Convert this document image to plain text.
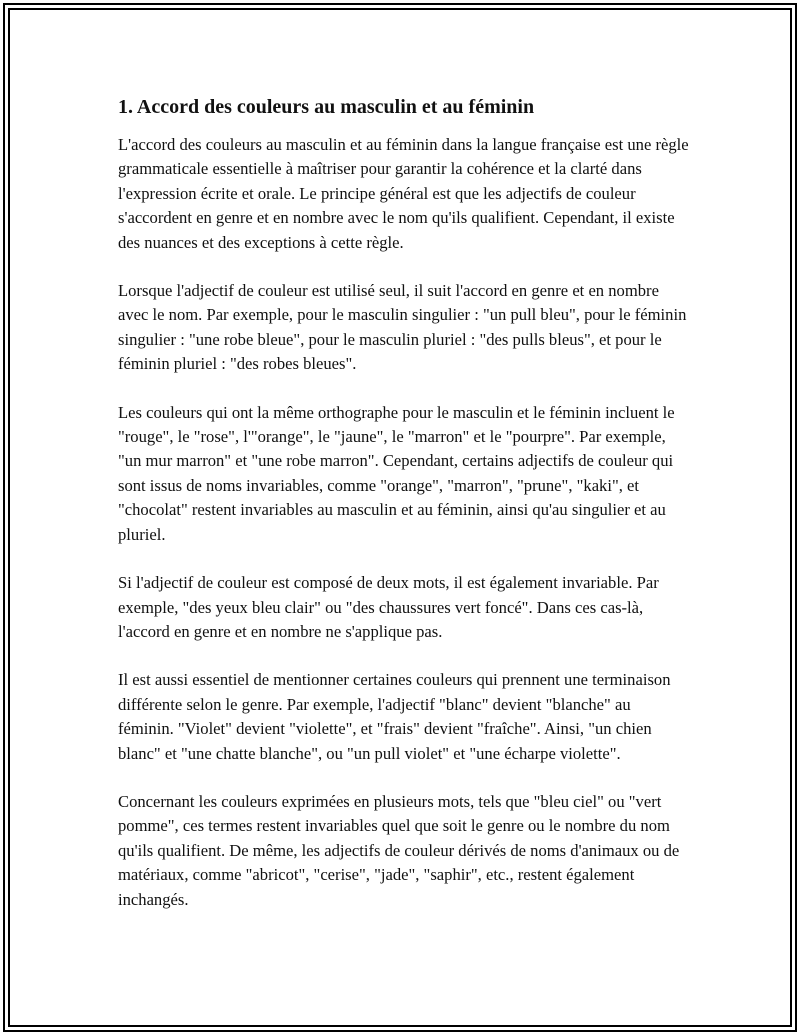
1. Accord des couleurs au masculin et au féminin

L'accord des couleurs au masculin et au féminin dans la langue française est une règle grammaticale essentielle à maîtriser pour garantir la cohérence et la clarté dans l'expression écrite et orale. Le principe général est que les adjectifs de couleur s'accordent en genre et en nombre avec le nom qu'ils qualifient. Cependant, il existe des nuances et des exceptions à cette règle.

Lorsque l'adjectif de couleur est utilisé seul, il suit l'accord en genre et en nombre avec le nom. Par exemple, pour le masculin singulier : "un pull bleu", pour le féminin singulier : "une robe bleue", pour le masculin pluriel : "des pulls bleus", et pour le féminin pluriel : "des robes bleues".

Les couleurs qui ont la même orthographe pour le masculin et le féminin incluent le "rouge", le "rose", l'"orange", le "jaune", le "marron" et le "pourpre". Par exemple, "un mur marron" et "une robe marron". Cependant, certains adjectifs de couleur qui sont issus de noms invariables, comme "orange", "marron", "prune", "kaki", et "chocolat" restent invariables au masculin et au féminin, ainsi qu'au singulier et au pluriel.

Si l'adjectif de couleur est composé de deux mots, il est également invariable. Par exemple, "des yeux bleu clair" ou "des chaussures vert foncé". Dans ces cas-là, l'accord en genre et en nombre ne s'applique pas.

Il est aussi essentiel de mentionner certaines couleurs qui prennent une terminaison différente selon le genre. Par exemple, l'adjectif "blanc" devient "blanche" au féminin. "Violet" devient "violette", et "frais" devient "fraîche". Ainsi, "un chien blanc" et "une chatte blanche", ou "un pull violet" et "une écharpe violette".

Concernant les couleurs exprimées en plusieurs mots, tels que "bleu ciel" ou "vert pomme", ces termes restent invariables quel que soit le genre ou le nombre du nom qu'ils qualifient. De même, les adjectifs de couleur dérivés de noms d'animaux ou de matériaux, comme "abricot", "cerise", "jade", "saphir", etc., restent également inchangés.
